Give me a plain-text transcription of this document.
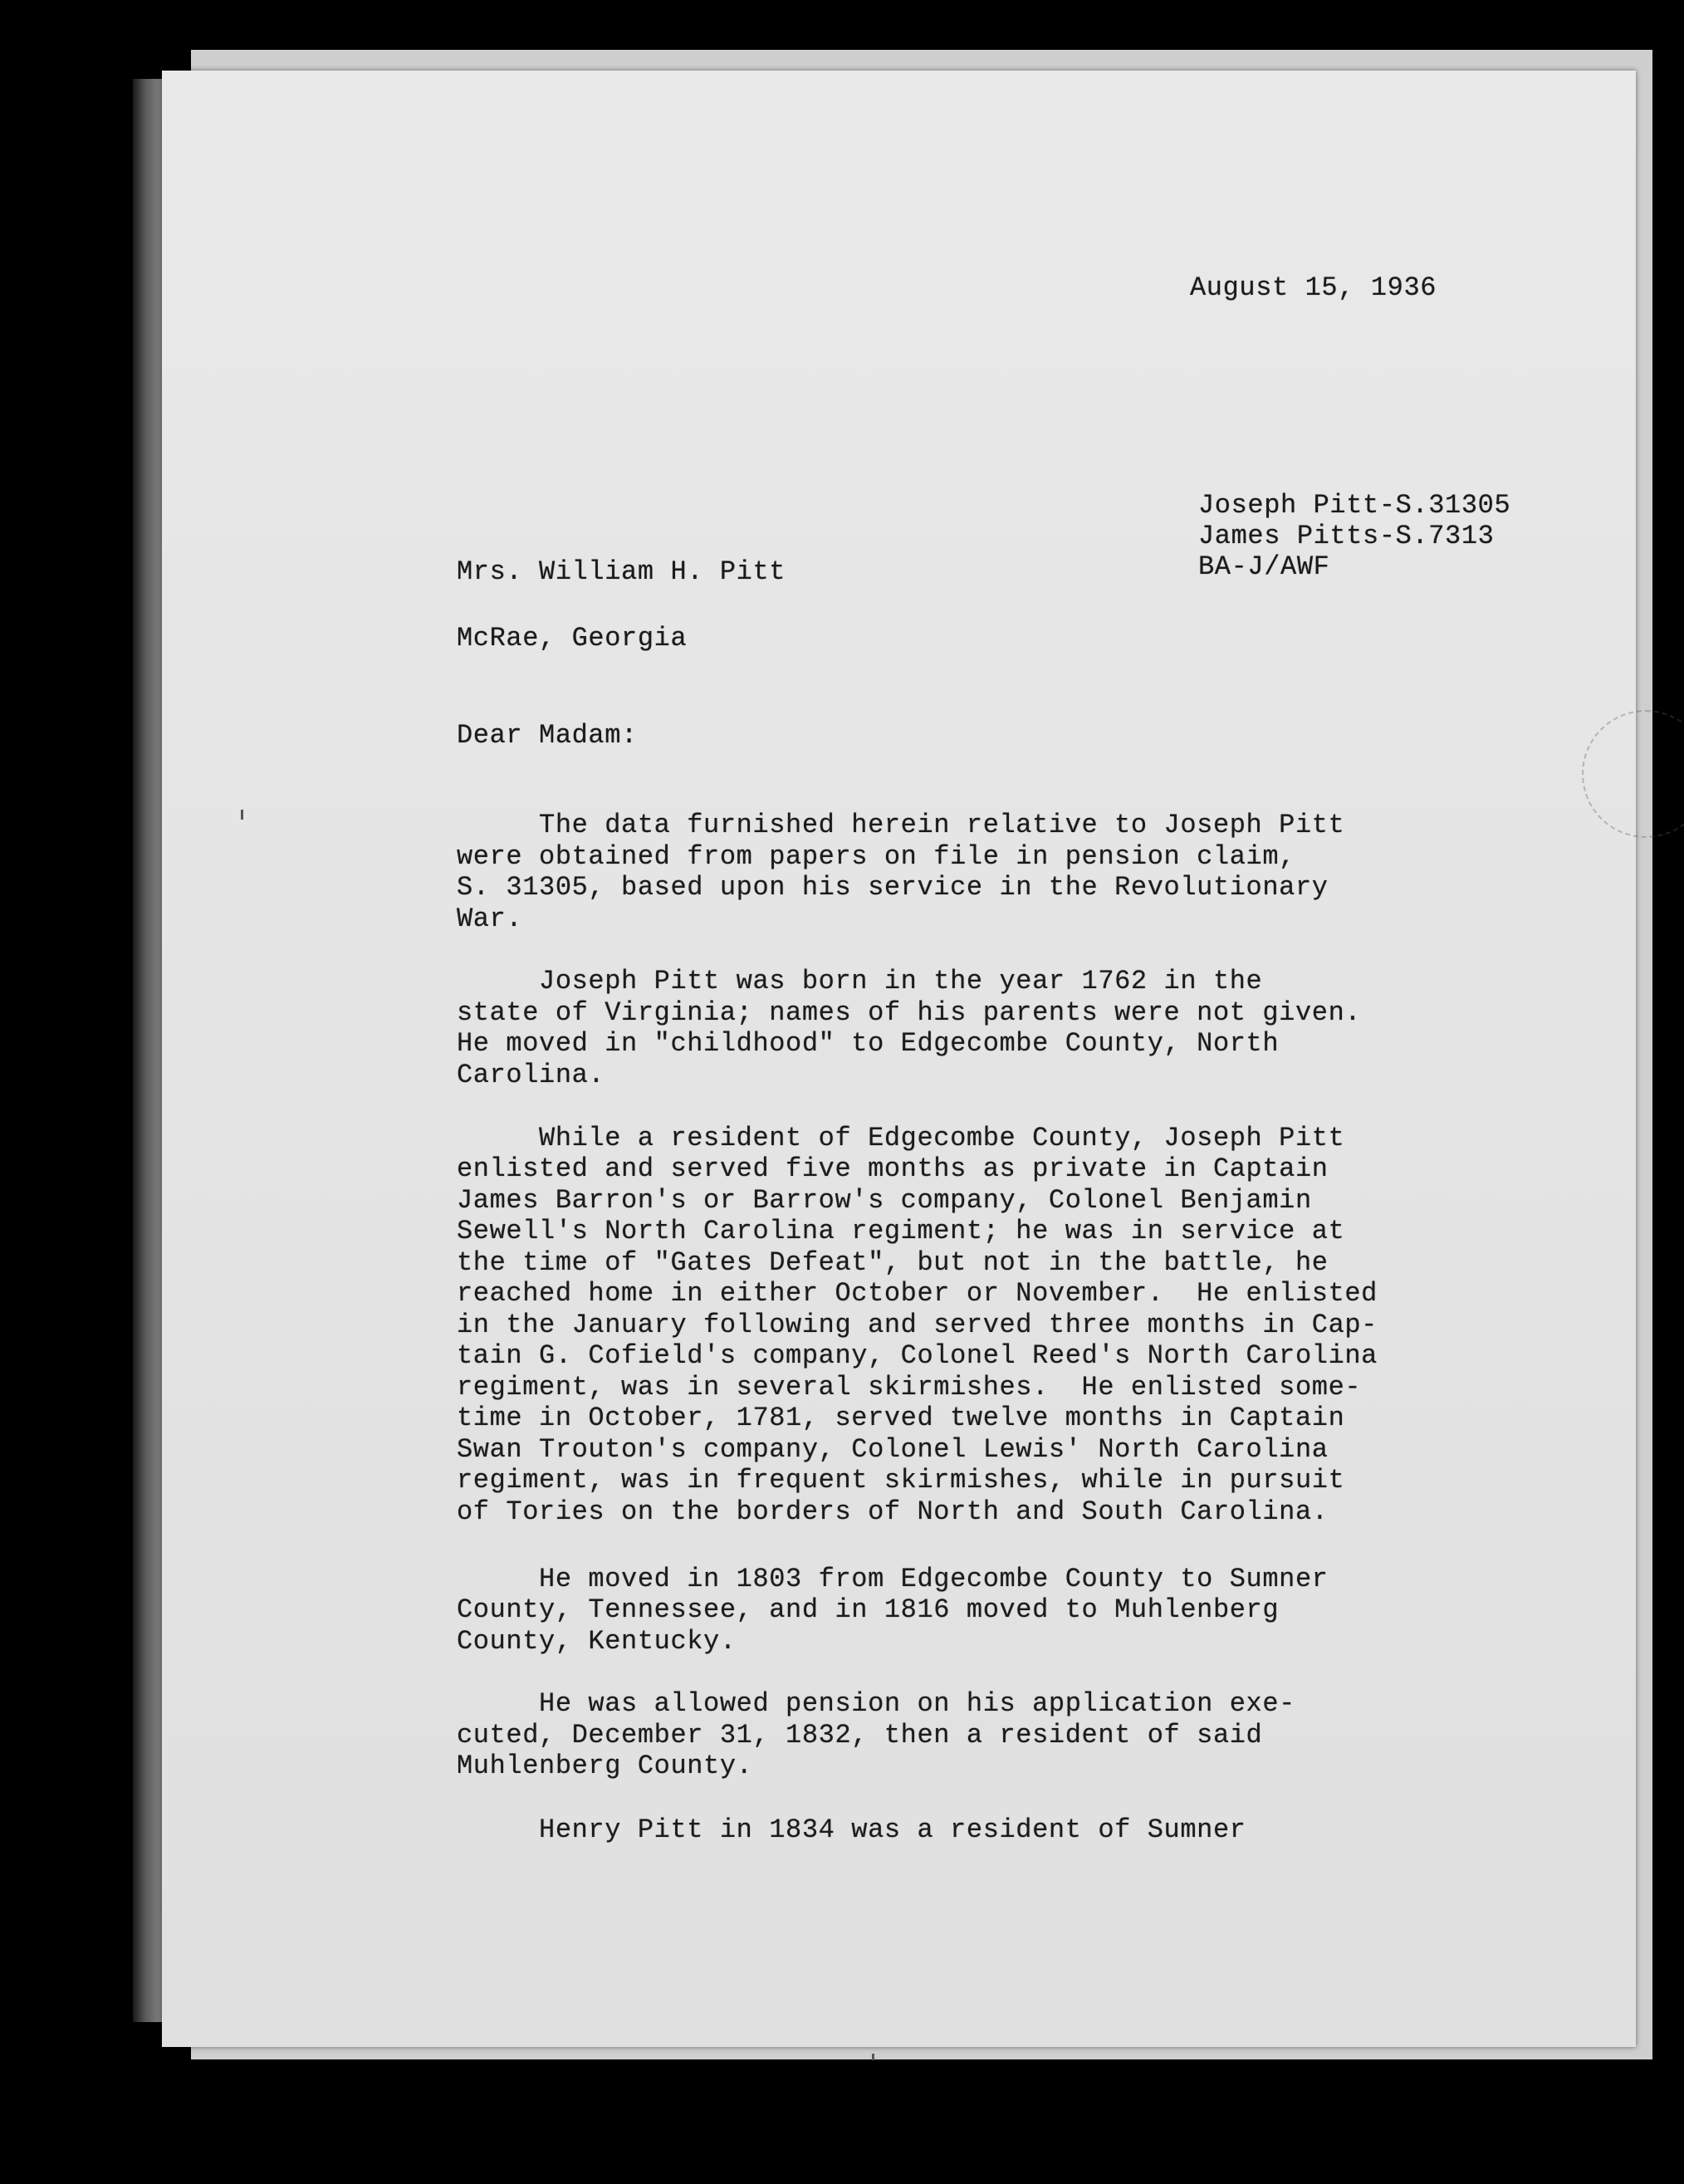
August 15, 1936
Joseph Pitt-S.31305
James Pitts-S.7313
BA-J/AWF
Mrs. William H. Pitt
McRae, Georgia
Dear Madam:
The data furnished herein relative to Joseph Pitt
were obtained from papers on file in pension claim,
S. 31305, based upon his service in the Revolutionary
War.
Joseph Pitt was born in the year 1762 in the
state of Virginia; names of his parents were not given.
He moved in "childhood" to Edgecombe County, North
Carolina.
While a resident of Edgecombe County, Joseph Pitt
enlisted and served five months as private in Captain
James Barron's or Barrow's company, Colonel Benjamin
Sewell's North Carolina regiment; he was in service at
the time of "Gates Defeat", but not in the battle, he
reached home in either October or November.  He enlisted
in the January following and served three months in Cap-
tain G. Cofield's company, Colonel Reed's North Carolina
regiment, was in several skirmishes.  He enlisted some-
time in October, 1781, served twelve months in Captain
Swan Trouton's company, Colonel Lewis' North Carolina
regiment, was in frequent skirmishes, while in pursuit
of Tories on the borders of North and South Carolina.
He moved in 1803 from Edgecombe County to Sumner
County, Tennessee, and in 1816 moved to Muhlenberg
County, Kentucky.
He was allowed pension on his application exe-
cuted, December 31, 1832, then a resident of said
Muhlenberg County.
Henry Pitt in 1834 was a resident of Sumner
